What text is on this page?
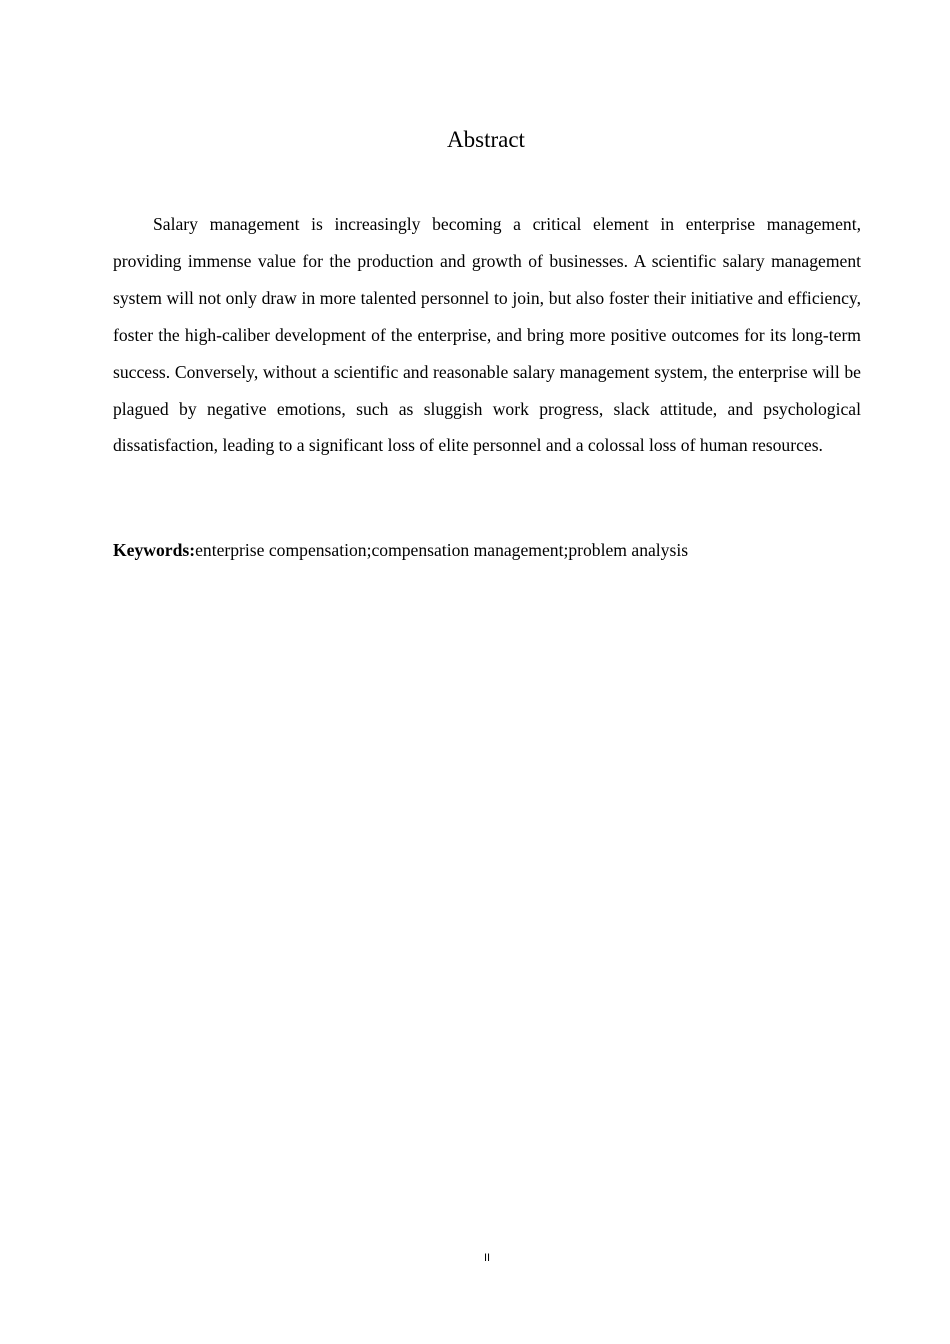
Abstract

Salary management is increasingly becoming a critical element in enterprise management, providing immense value for the production and growth of businesses. A scientific salary management system will not only draw in more talented personnel to join, but also foster their initiative and efficiency, foster the high-caliber development of the enterprise, and bring more positive outcomes for its long-term success. Conversely, without a scientific and reasonable salary management system, the enterprise will be plagued by negative emotions, such as sluggish work progress, slack attitude, and psychological dissatisfaction, leading to a significant loss of elite personnel and a colossal loss of human resources.

Keywords:enterprise compensation;compensation management;problem analysis

II
